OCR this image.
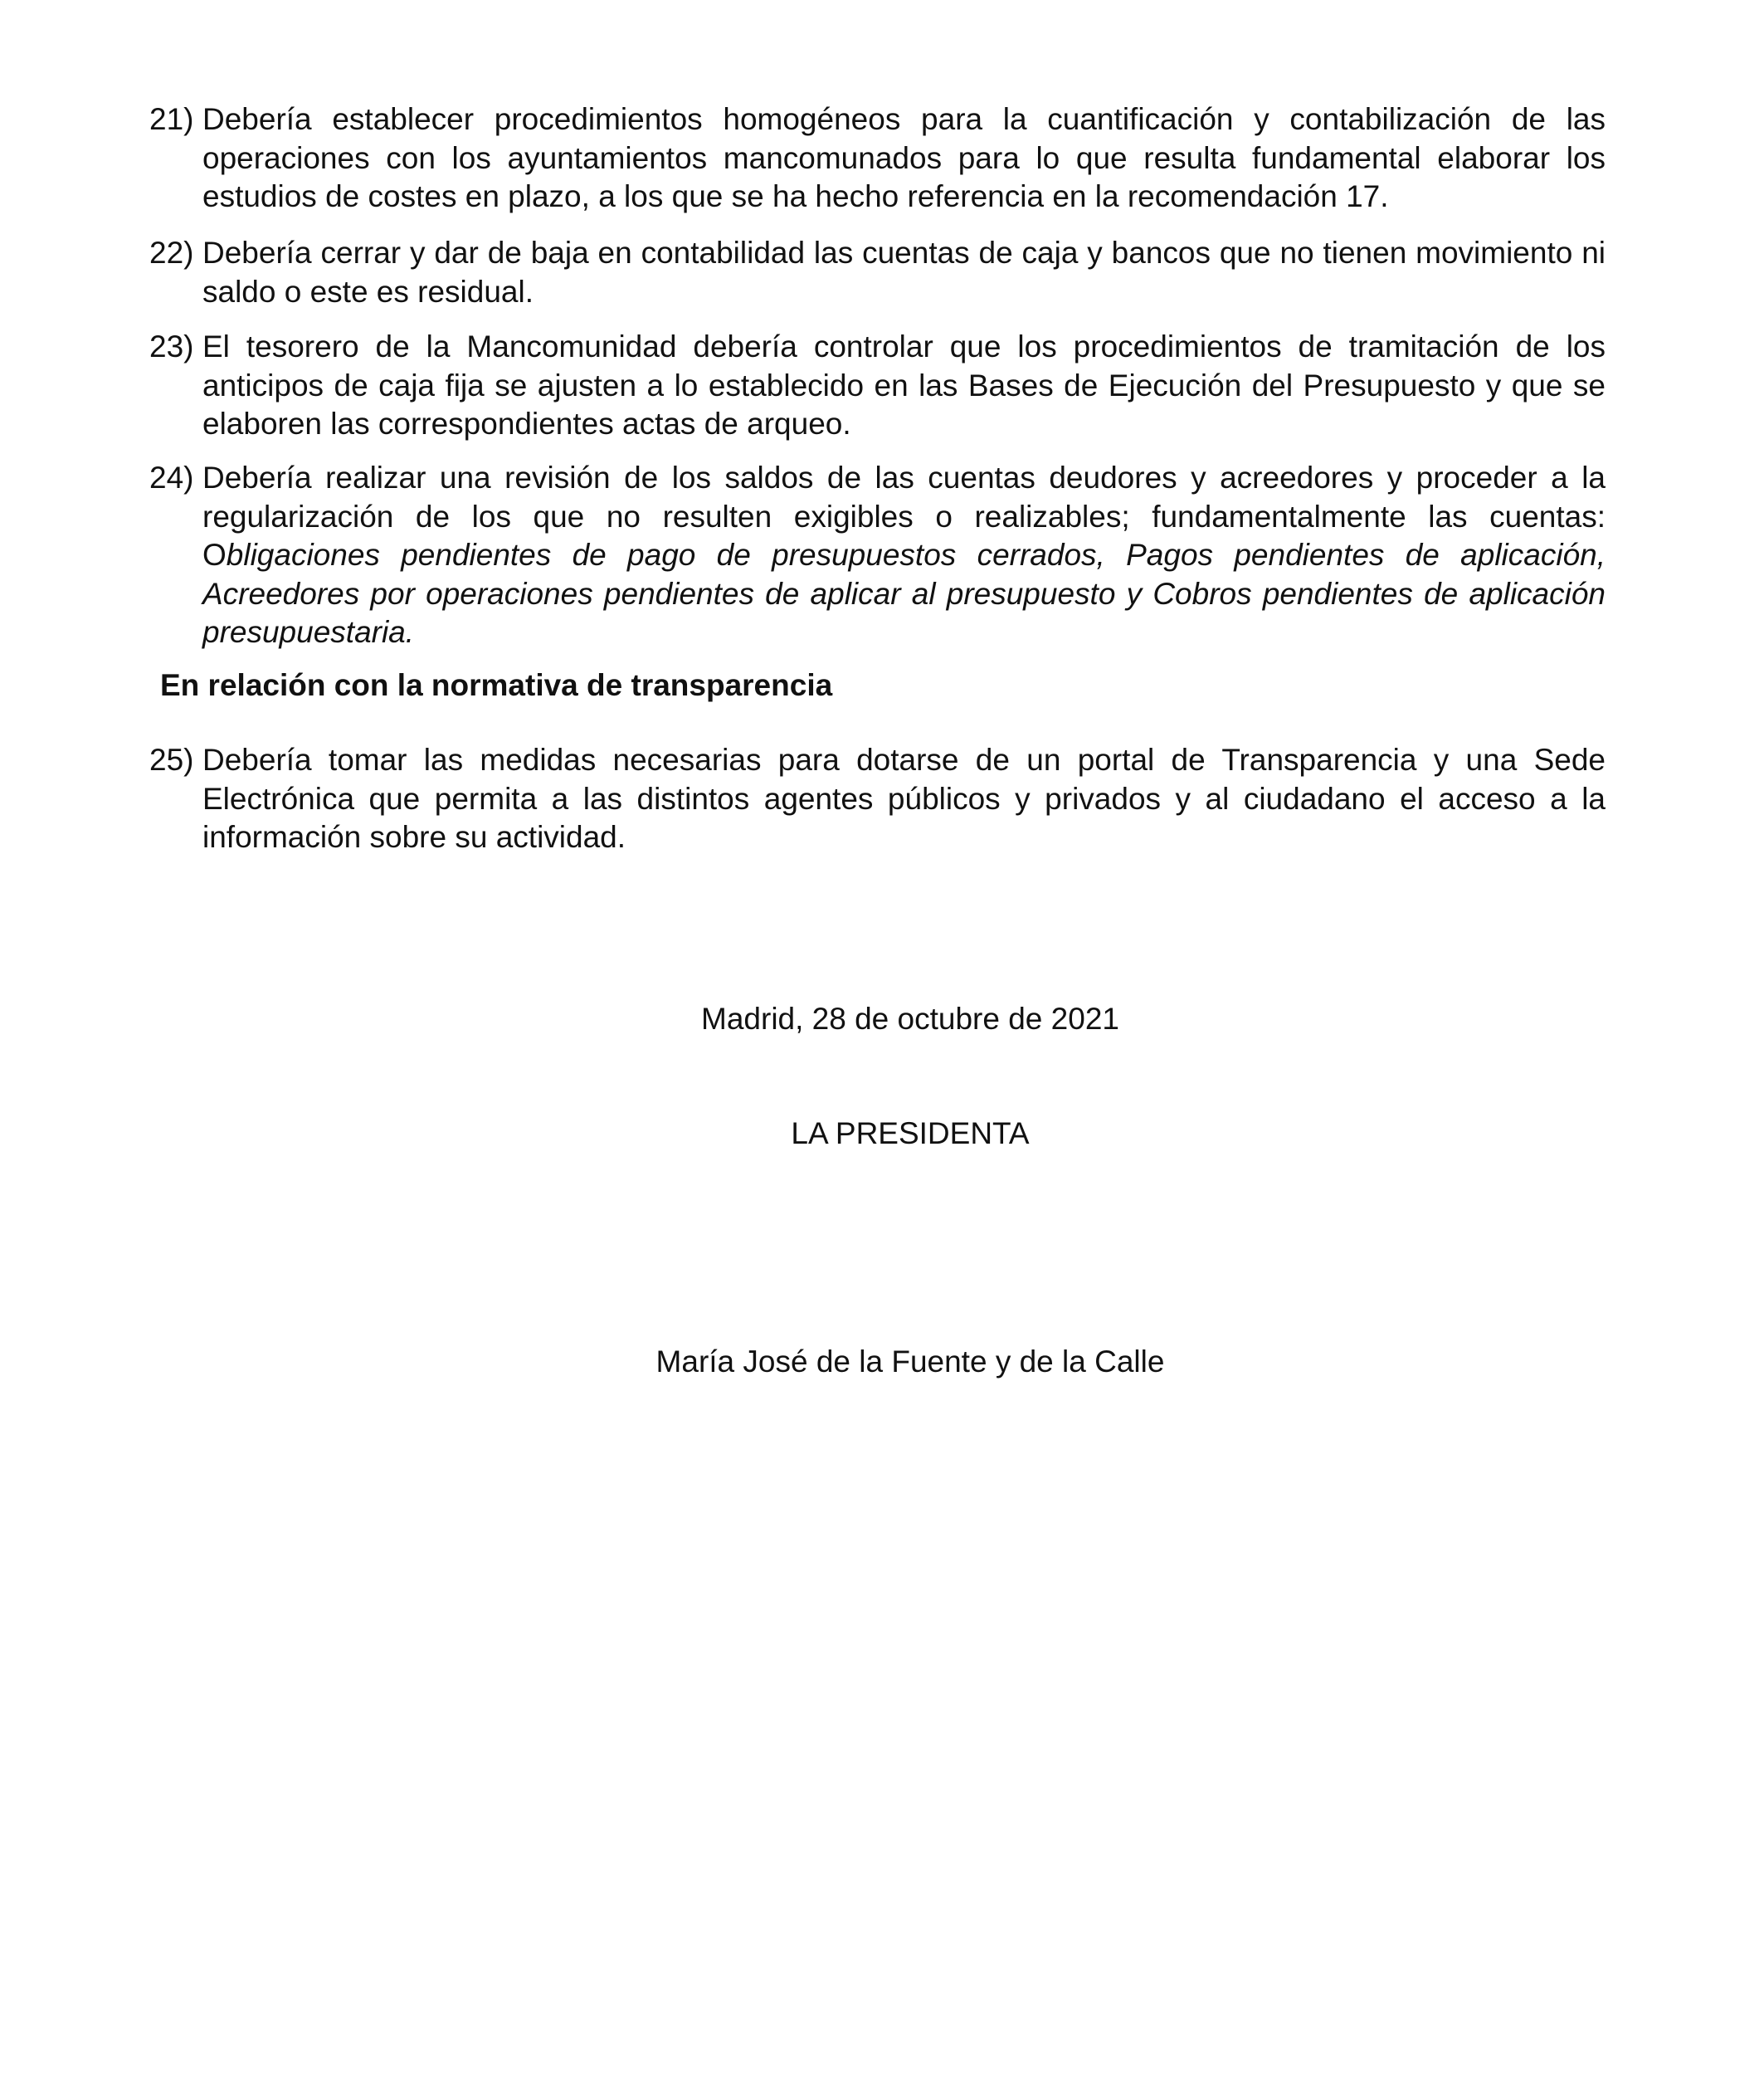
21) Debería establecer procedimientos homogéneos para la cuantificación y contabilización de las operaciones con los ayuntamientos mancomunados para lo que resulta fundamental elaborar los estudios de costes en plazo, a los que se ha hecho referencia en la recomendación 17.
22) Debería cerrar y dar de baja en contabilidad las cuentas de caja y bancos que no tienen movimiento ni saldo o este es residual.
23) El tesorero de la Mancomunidad debería controlar que los procedimientos de tramitación de los anticipos de caja fija se ajusten a lo establecido en las Bases de Ejecución del Presupuesto y que se elaboren las correspondientes actas de arqueo.
24) Debería realizar una revisión de los saldos de las cuentas deudores y acreedores y proceder a la regularización de los que no resulten exigibles o realizables; fundamentalmente las cuentas: Obligaciones pendientes de pago de presupuestos cerrados, Pagos pendientes de aplicación, Acreedores por operaciones pendientes de aplicar al presupuesto y Cobros pendientes de aplicación presupuestaria.
En relación con la normativa de transparencia
25) Debería tomar las medidas necesarias para dotarse de un portal de Transparencia y una Sede Electrónica que permita a las distintos agentes públicos y privados y al ciudadano el acceso a la información sobre su actividad.
Madrid, 28 de octubre de 2021
LA PRESIDENTA
María José de la Fuente y de la Calle
